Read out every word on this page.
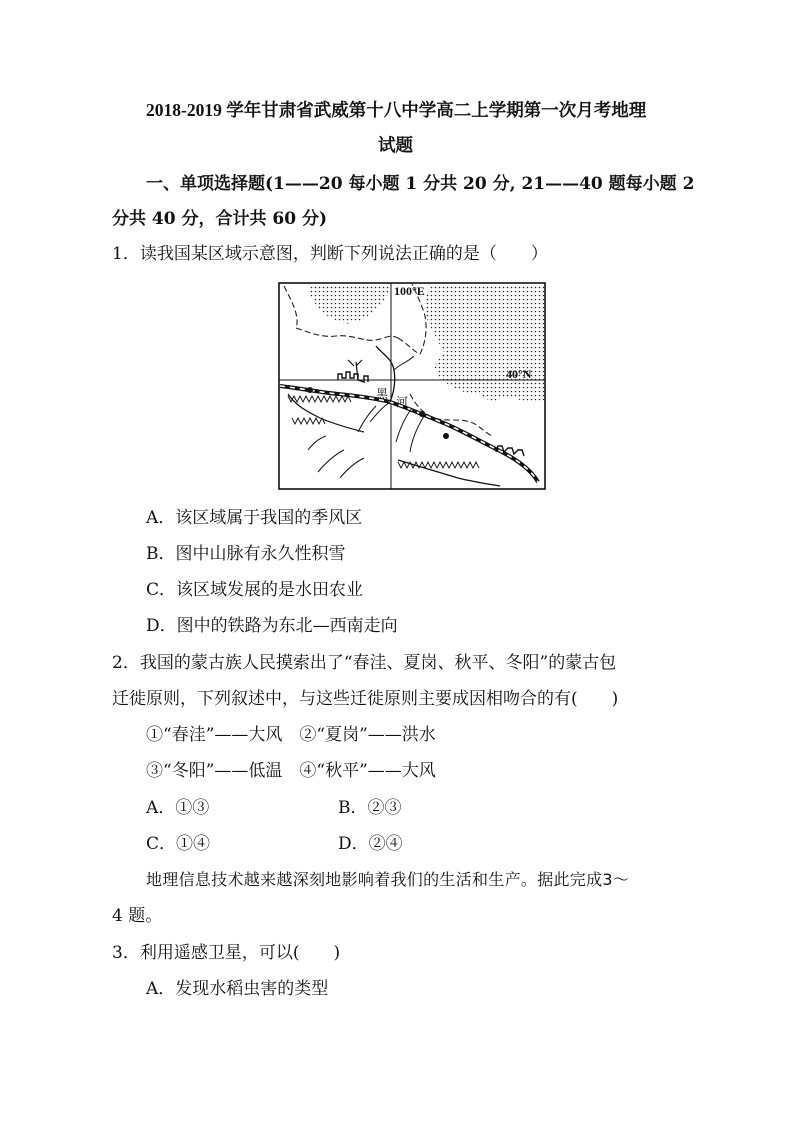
2018-2019 学年甘肃省武威第十八中学高二上学期第一次月考地理
试题
一、单项选择题(1——20 每小题 1 分共 20 分, 21——40 题每小题 2
分共 40 分，合计共 60 分)
1．读我国某区域示意图，判断下列说法正确的是（　　）
100°E
40°N
黑
河
A．该区域属于我国的季风区
B．图中山脉有永久性积雪
C．该区域发展的是水田农业
D．图中的铁路为东北—西南走向
2．我国的蒙古族人民摸索出了“春洼、夏岗、秋平、冬阳”的蒙古包
迁徙原则，下列叙述中，与这些迁徙原则主要成因相吻合的有(　　)
①“春洼”——大风　②“夏岗”——洪水
③“冬阳”——低温　④“秋平”——大风
A．①③	B．②③
C．①④	D．②④
地理信息技术越来越深刻地影响着我们的生活和生产。据此完成3～
4 题。
3．利用遥感卫星，可以(　　)
A．发现水稻虫害的类型
